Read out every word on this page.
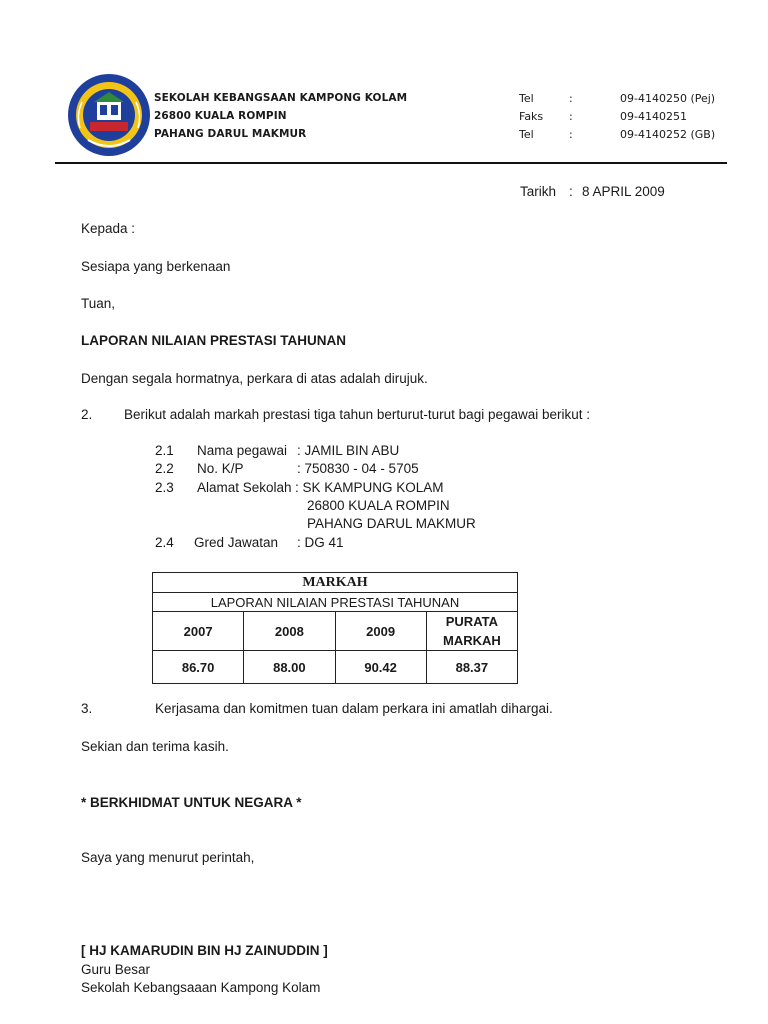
SEKOLAH KEBANGSAAN KAMPONG KOLAM
26800 KUALA ROMPIN
PAHANG DARUL MAKMUR
Tel	:	09-4140250 (Pej)
Faks :	09-4140251
Tel	:	09-4140252 (GB)
Tarikh : 8 APRIL 2009
Kepada :
Sesiapa yang berkenaan
Tuan,
LAPORAN NILAIAN PRESTASI TAHUNAN
Dengan segala hormatnya, perkara di atas adalah dirujuk.
2. Berikut adalah markah prestasi tiga tahun berturut-turut bagi pegawai berikut :
2.1 Nama pegawai : JAMIL BIN ABU
2.2 No. K/P	: 750830 - 04 - 5705
2.3 Alamat Sekolah : SK KAMPUNG KOLAM
26800 KUALA ROMPIN
PAHANG DARUL MAKMUR
2.4 Gred Jawatan : DG 41
MARKAH			
LAPORAN NILAIAN PRESTASI TAHUNAN			
2007	2008	2009	PURATA MARKAH
86.70	88.00	90.42	88.37
3.	Kerjasama dan komitmen tuan dalam perkara ini amatlah dihargai.
Sekian dan terima kasih.
* BERKHIDMAT UNTUK NEGARA *
Saya yang menurut perintah,
[ HJ KAMARUDIN BIN HJ ZAINUDDIN ]
Guru Besar
Sekolah Kebangsaaan Kampong Kolam
